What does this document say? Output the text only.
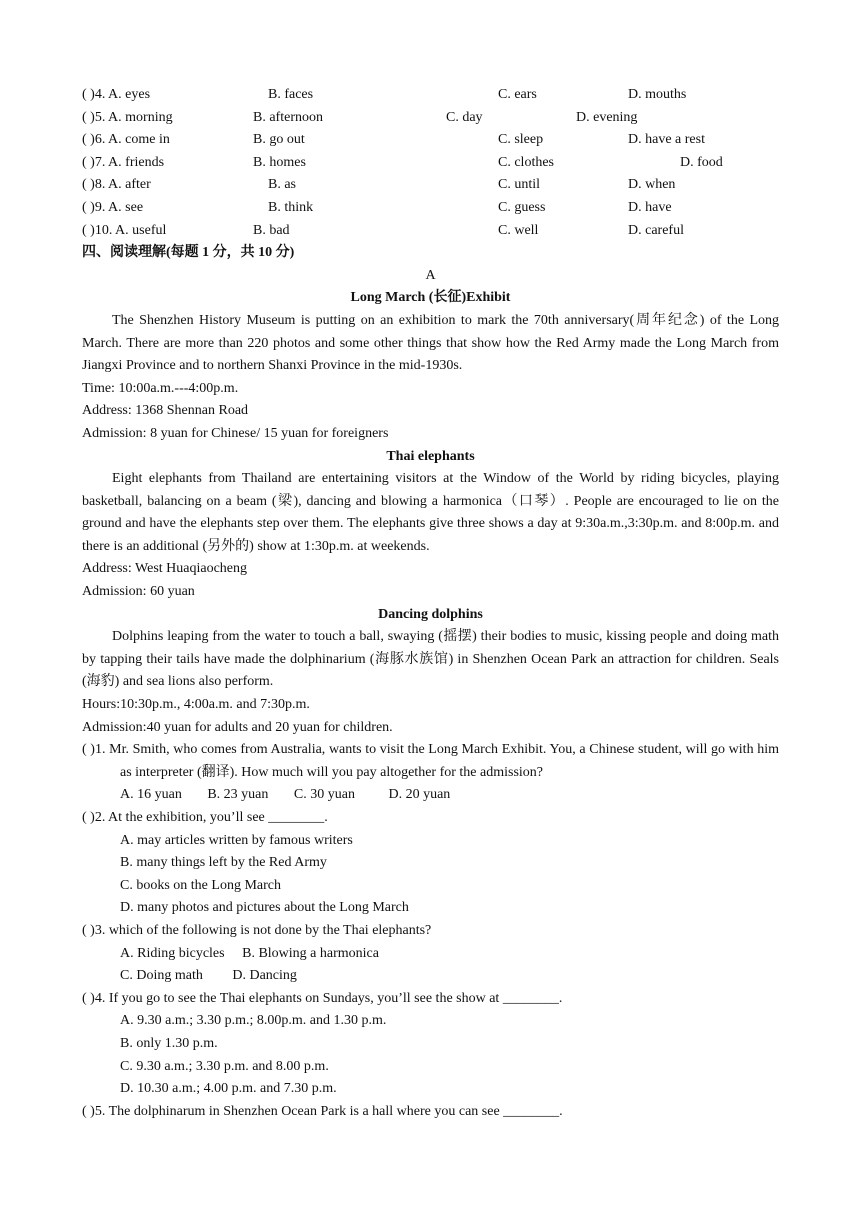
( )4. A. eyes	B. faces	C. ears	D. mouths
( )5. A. morning	B. afternoon	C. day	D. evening
( )6. A. come in	B. go out	C. sleep	D. have a rest
( )7. A. friends	B. homes	C. clothes	D. food
( )8. A. after	B. as	C. until	D. when
( )9. A. see	B. think	C. guess	D. have
( )10. A. useful	B. bad	C. well	D. careful
四、阅读理解(每题 1 分，共 10 分)
A
Long March (长征)Exhibit
The Shenzhen History Museum is putting on an exhibition to mark the 70th anniversary(周年纪念) of the Long March. There are more than 220 photos and some other things that show how the Red Army made the Long March from Jiangxi Province and to northern Shanxi Province in the mid-1930s.
Time: 10:00a.m.---4:00p.m.
Address: 1368 Shennan Road
Admission: 8 yuan for Chinese/ 15 yuan for foreigners
Thai elephants
Eight elephants from Thailand are entertaining visitors at the Window of the World by riding bicycles, playing basketball, balancing on a beam (梁), dancing and blowing a harmonica（口琴）. People are encouraged to lie on the ground and have the elephants step over them. The elephants give three shows a day at 9:30a.m.,3:30p.m. and 8:00p.m. and there is an additional (另外的) show at 1:30p.m. at weekends.
Address: West Huaqiaocheng
Admission: 60 yuan
Dancing dolphins
Dolphins leaping from the water to touch a ball, swaying (摇摆) their bodies to music, kissing people and doing math by tapping their tails have made the dolphinarium (海豚水族馆) in Shenzhen Ocean Park an attraction for children. Seals (海豹) and sea lions also perform.
Hours:10:30p.m., 4:00a.m. and 7:30p.m.
Admission:40 yuan for adults and 20 yuan for children.
( )1. Mr. Smith, who comes from Australia, wants to visit the Long March Exhibit. You, a Chinese student, will go with him as interpreter (翻译). How much will you pay altogether for the admission?
A. 16 yuan B. 23 yuan C. 30 yuan D. 20 yuan
( )2. At the exhibition, you’ll see ________.
A. may articles written by famous writers
B. many things left by the Red Army
C. books on the Long March
D. many photos and pictures about the Long March
( )3. which of the following is not done by the Thai elephants?
A. Riding bicycles B. Blowing a harmonica
C. Doing math D. Dancing
( )4. If you go to see the Thai elephants on Sundays, you’ll see the show at ________.
A. 9.30 a.m.; 3.30 p.m.; 8.00p.m. and 1.30 p.m.
B. only 1.30 p.m.
C. 9.30 a.m.; 3.30 p.m. and 8.00 p.m.
D. 10.30 a.m.; 4.00 p.m. and 7.30 p.m.
( )5. The dolphinarum in Shenzhen Ocean Park is a hall where you can see ________.
